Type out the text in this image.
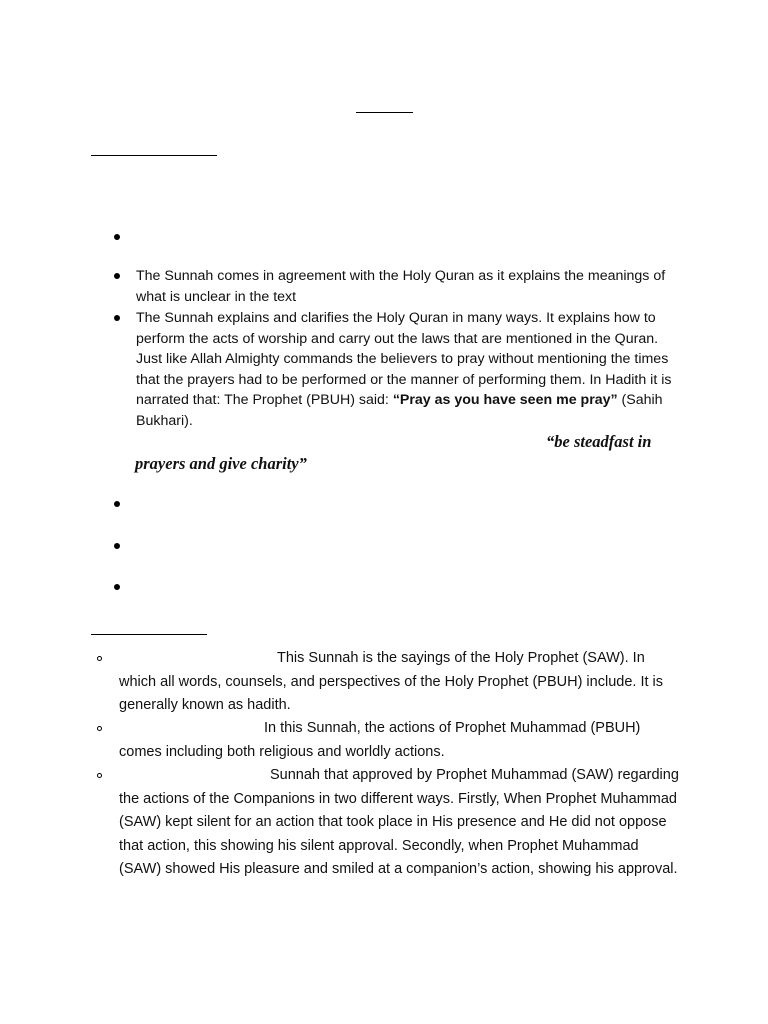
The Sunnah comes in agreement with the Holy Quran as it explains the meanings of what is unclear in the text
The Sunnah explains and clarifies the Holy Quran in many ways. It explains how to perform the acts of worship and carry out the laws that are mentioned in the Quran. Just like Allah Almighty commands the believers to pray without mentioning the times that the prayers had to be performed or the manner of performing them. In Hadith it is narrated that: The Prophet (PBUH) said: “Pray as you have seen me pray” (Sahih Bukhari).
“be steadfast in
prayers and give charity”
This Sunnah is the sayings of the Holy Prophet (SAW). In which all words, counsels, and perspectives of the Holy Prophet (PBUH) include. It is generally known as hadith.
In this Sunnah, the actions of Prophet Muhammad (PBUH) comes including both religious and worldly actions.
Sunnah that approved by Prophet Muhammad (SAW) regarding the actions of the Companions in two different ways. Firstly, When Prophet Muhammad (SAW) kept silent for an action that took place in His presence and He did not oppose that action, this showing his silent approval. Secondly, when Prophet Muhammad (SAW) showed His pleasure and smiled at a companion’s action, showing his approval.
